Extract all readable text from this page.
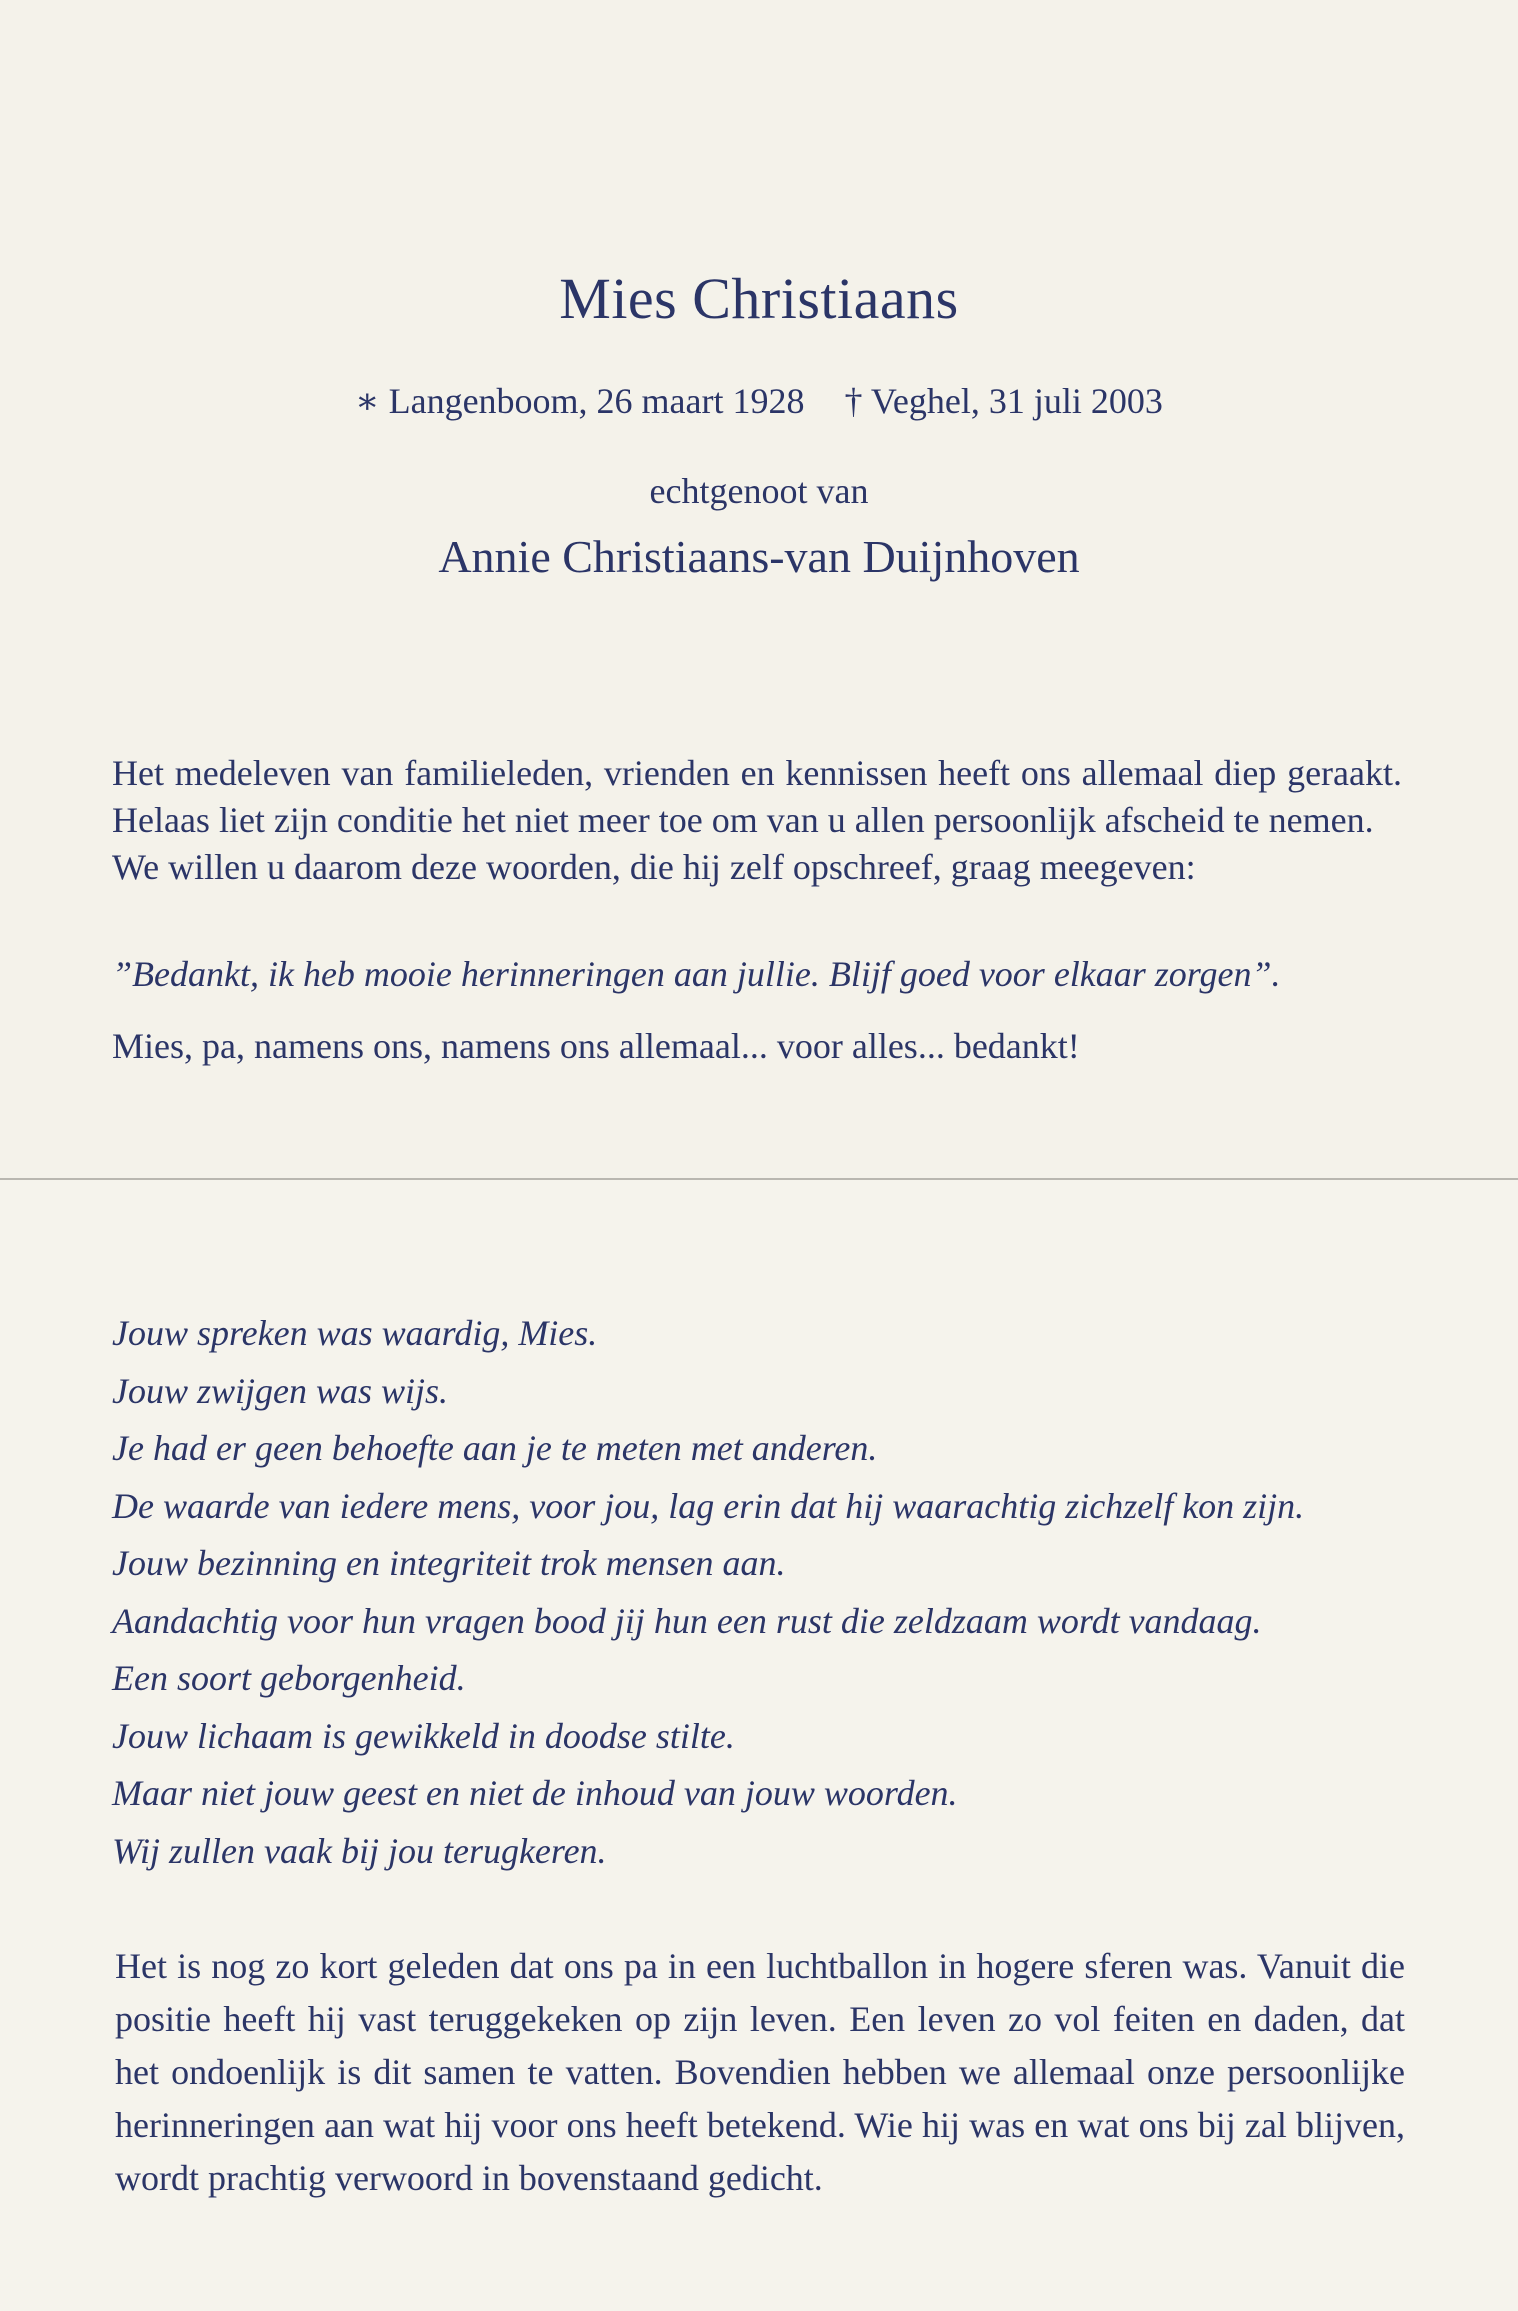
Mies Christiaans
∗ Langenboom, 26 maart 1928 † Veghel, 31 juli 2003
echtgenoot van
Annie Christiaans-van Duijnhoven

Het medeleven van familieleden, vrienden en kennissen heeft ons allemaal diep geraakt. Helaas liet zijn conditie het niet meer toe om van u allen persoonlijk afscheid te nemen.

We willen u daarom deze woorden, die hij zelf opschreef, graag meegeven:

”Bedankt, ik heb mooie herinneringen aan jullie. Blijf goed voor elkaar zorgen”.
Mies, pa, namens ons, namens ons allemaal... voor alles... bedankt!
Jouw spreken was waardig, Mies.
Jouw zwijgen was wijs.
Je had er geen behoefte aan je te meten met anderen.
De waarde van iedere mens, voor jou, lag erin dat hij waarachtig zichzelf kon zijn.
Jouw bezinning en integriteit trok mensen aan.
Aandachtig voor hun vragen bood jij hun een rust die zeldzaam wordt vandaag.
Een soort geborgenheid.
Jouw lichaam is gewikkeld in doodse stilte.
Maar niet jouw geest en niet de inhoud van jouw woorden.
Wij zullen vaak bij jou terugkeren.
Het is nog zo kort geleden dat ons pa in een luchtballon in hogere sferen was. Vanuit die positie heeft hij vast teruggekeken op zijn leven. Een leven zo vol feiten en daden, dat het ondoenlijk is dit samen te vatten. Bovendien hebben we allemaal onze persoonlijke herinneringen aan wat hij voor ons heeft betekend. Wie hij was en wat ons bij zal blijven, wordt prachtig verwoord in bovenstaand gedicht.
